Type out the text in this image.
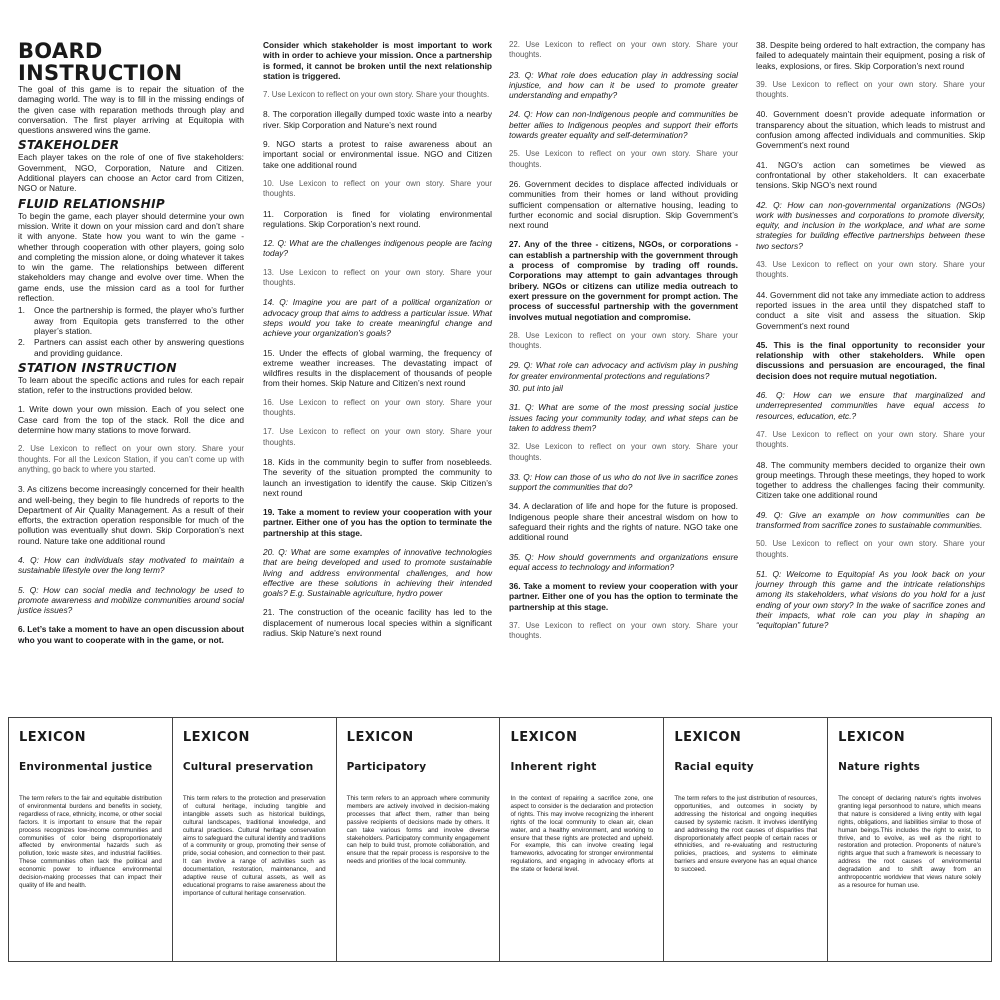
BOARD INSTRUCTION
The goal of this game is to repair the situation of the damaging world. The way is to fill in the missing endings of the given case with reparation methods through play and conversation. The first player arriving at Equitopia with questions answered wins the game.
STAKEHOLDER
Each player takes on the role of one of five stakeholders: Government, NGO, Corporation, Nature and Citizen. Additional players can choose an Actor card from Citizen, NGO or Nature.
FLUID RELATIONSHIP
To begin the game, each player should determine your own mission. Write it down on your mission card and don’t share it with anyone. State how you want to win the game - whether through cooperation with other players, going solo and completing the mission alone, or doing whatever it takes to win the game. The relationships between different stakeholders may change and evolve over time. When the game ends, use the mission card as a tool for further reflection.
1. Once the partnership is formed, the player who’s further away from Equitopia gets transferred to the other player’s station.
2. Partners can assist each other by answering questions and providing guidance.
STATION INSTRUCTION
To learn about the specific actions and rules for each repair station, refer to the instructions provided below.
1. Write down your own mission. Each of you select one Case card from the top of the stack. Roll the dice and determine how many stations to move forward.
2. Use Lexicon to reflect on your own story. Share your thoughts. For all the Lexicon Station, if you can’t come up with anything, go back to where you started.
3. As citizens become increasingly concerned for their health and well-being, they begin to file hundreds of reports to the Department of Air Quality Management. As a result of their efforts, the extraction operation responsible for much of the pollution was eventually shut down. Skip Corporation’s next round. Nature take one additional round
4. Q: How can individuals stay motivated to maintain a sustainable lifestyle over the long term?
5. Q: How can social media and technology be used to promote awareness and mobilize communities around social justice issues?
6. Let’s take a moment to have an open discussion about who you want to cooperate with in the game, or not.
Consider which stakeholder is most important to work with in order to achieve your mission. Once a partnership is formed, it cannot be broken until the next relationship station is triggered.
7. Use Lexicon to reflect on your own story. Share your thoughts.
8. The corporation illegally dumped toxic waste into a nearby river. Skip Corporation and Nature’s next round
9. NGO starts a protest to raise awareness about an important social or environmental issue. NGO and Citizen take one additional round
10. Use Lexicon to reflect on your own story. Share your thoughts.
11. Corporation is fined for violating environmental regulations. Skip Corporation’s next round.
12. Q: What are the challenges indigenous people are facing today?
13. Use Lexicon to reflect on your own story. Share your thoughts.
14. Q: Imagine you are part of a political organization or advocacy group that aims to address a particular issue. What steps would you take to create meaningful change and achieve your organization’s goals?
15. Under the effects of global warming, the frequency of extreme weather increases. The devastating impact of wildfires results in the displacement of thousands of people from their homes. Skip Nature and Citizen’s next round
16. Use Lexicon to reflect on your own story. Share your thoughts.
17. Use Lexicon to reflect on your own story. Share your thoughts.
18. Kids in the community begin to suffer from nosebleeds. The severity of the situation prompted the community to launch an investigation to identify the cause. Skip Citizen’s next round
19. Take a moment to review your cooperation with your partner. Either one of you has the option to terminate the partnership at this stage.
20. Q: What are some examples of innovative technologies that are being developed and used to promote sustainable living and address environmental challenges, and how effective are these solutions in achieving their intended goals? E.g. Sustainable agriculture, hydro power
21. The construction of the oceanic facility has led to the displacement of numerous local species within a significant radius. Skip Nature’s next round
22. Use Lexicon to reflect on your own story. Share your thoughts.
23. Q: What role does education play in addressing social injustice, and how can it be used to promote greater understanding and empathy?
24. Q: How can non-Indigenous people and communities be better allies to Indigenous peoples and support their efforts towards greater equality and self-determination?
25. Use Lexicon to reflect on your own story. Share your thoughts.
26. Government decides to displace affected individuals or communities from their homes or land without providing sufficient compensation or alternative housing, leading to further economic and social disruption. Skip Government’s next round
27. Any of the three - citizens, NGOs, or corporations - can establish a partnership with the government through a process of compromise by trading off rounds. Corporations may attempt to gain advantages through bribery. NGOs or citizens can utilize media outreach to exert pressure on the government for prompt action. The process of successful partnership with the government involves mutual negotiation and compromise.
28. Use Lexicon to reflect on your own story. Share your thoughts.
29. Q: What role can advocacy and activism play in pushing for greater environmental protections and regulations?
30. put into jail
31. Q: What are some of the most pressing social justice issues facing your community today, and what steps can be taken to address them?
32. Use Lexicon to reflect on your own story. Share your thoughts.
33. Q: How can those of us who do not live in sacrifice zones support the communities that do?
34. A declaration of life and hope for the future is proposed. Indigenous people share their ancestral wisdom on how to safeguard their rights and the rights of nature. NGO take one additional round
35. Q: How should governments and organizations ensure equal access to technology and information?
36. Take a moment to review your cooperation with your partner. Either one of you has the option to terminate the partnership at this stage.
37. Use Lexicon to reflect on your own story. Share your thoughts.
38. Despite being ordered to halt extraction, the company has failed to adequately maintain their equipment, posing a risk of leaks, explosions, or fires. Skip Corporation’s next round
39. Use Lexicon to reflect on your own story. Share your thoughts.
40. Government doesn’t provide adequate information or transparency about the situation, which leads to mistrust and confusion among affected individuals and communities. Skip Government’s next round
41. NGO’s action can sometimes be viewed as confrontational by other stakeholders. It can exacerbate tensions. Skip NGO’s next round
42. Q: How can non-governmental organizations (NGOs) work with businesses and corporations to promote diversity, equity, and inclusion in the workplace, and what are some strategies for building effective partnerships between these two sectors?
43. Use Lexicon to reflect on your own story. Share your thoughts.
44. Government did not take any immediate action to address reported issues in the area until they dispatched staff to conduct a site visit and assess the situation. Skip Government’s next round
45. This is the final opportunity to reconsider your relationship with other stakeholders. While open discussions and persuasion are encouraged, the final decision does not require mutual negotiation.
46. Q: How can we ensure that marginalized and underrepresented communities have equal access to resources, education, etc.?
47. Use Lexicon to reflect on your own story. Share your thoughts.
48. The community members decided to organize their own group meetings. Through these meetings, they hoped to work together to address the challenges facing their community. Citizen take one additional round
49. Q: Give an example on how communities can be transformed from sacrifice zones to sustainable communities.
50. Use Lexicon to reflect on your own story. Share your thoughts.
51. Q: Welcome to Equitopia! As you look back on your journey through this game and the intricate relationships among its stakeholders, what visions do you hold for a just ending of your own story? In the wake of sacrifice zones and their impacts, what role can you play in shaping an “equitopian” future?
LEXICON
Environmental justice
The term refers to the fair and equitable distribution of environmental burdens and benefits in society, regardless of race, ethnicity, income, or other social factors. It is important to ensure that the repair process recognizes low-income communities and communities of color being disproportionately affected by environmental hazards such as pollution, toxic waste sites, and industrial facilities. These communities often lack the political and economic power to influence environmental decision-making processes that can impact their quality of life and health.
LEXICON
Cultural preservation
This term refers to the protection and preservation of cultural heritage, including tangible and intangible assets such as historical buildings, cultural landscapes, traditional knowledge, and cultural practices. Cultural heritage conservation aims to safeguard the cultural identity and traditions of a community or group, promoting their sense of pride, social cohesion, and connection to their past. It can involve a range of activities such as documentation, restoration, maintenance, and adaptive reuse of cultural assets, as well as educational programs to raise awareness about the importance of cultural heritage conservation.
LEXICON
Participatory
This term refers to an approach where community members are actively involved in decision-making processes that affect them, rather than being passive recipients of decisions made by others. It can take various forms and involve diverse stakeholders. Participatory community engagement can help to build trust, promote collaboration, and ensure that the repair process is responsive to the needs and priorities of the local community.
LEXICON
Inherent right
In the context of repairing a sacrifice zone, one aspect to consider is the declaration and protection of rights. This may involve recognizing the inherent rights of the local community to clean air, clean water, and a healthy environment, and working to ensure that these rights are protected and upheld. For example, this can involve creating legal frameworks, advocating for stronger environmental regulations, and engaging in advocacy efforts at the state or federal level.
LEXICON
Racial equity
The term refers to the just distribution of resources, opportunities, and outcomes in society by addressing the historical and ongoing inequities caused by systemic racism. It involves identifying and addressing the root causes of disparities that disproportionately affect people of certain races or ethnicities, and re-evaluating and restructuring policies, practices, and systems to eliminate barriers and ensure everyone has an equal chance to succeed.
LEXICON
Nature rights
The concept of declaring nature’s rights involves granting legal personhood to nature, which means that nature is considered a living entity with legal rights, obligations, and liabilities similar to those of human beings.This includes the right to exist, to thrive, and to evolve, as well as the right to restoration and protection. Proponents of nature’s rights argue that such a framework is necessary to address the root causes of environmental degradation and to shift away from an anthropocentric worldview that views nature solely as a resource for human use.
